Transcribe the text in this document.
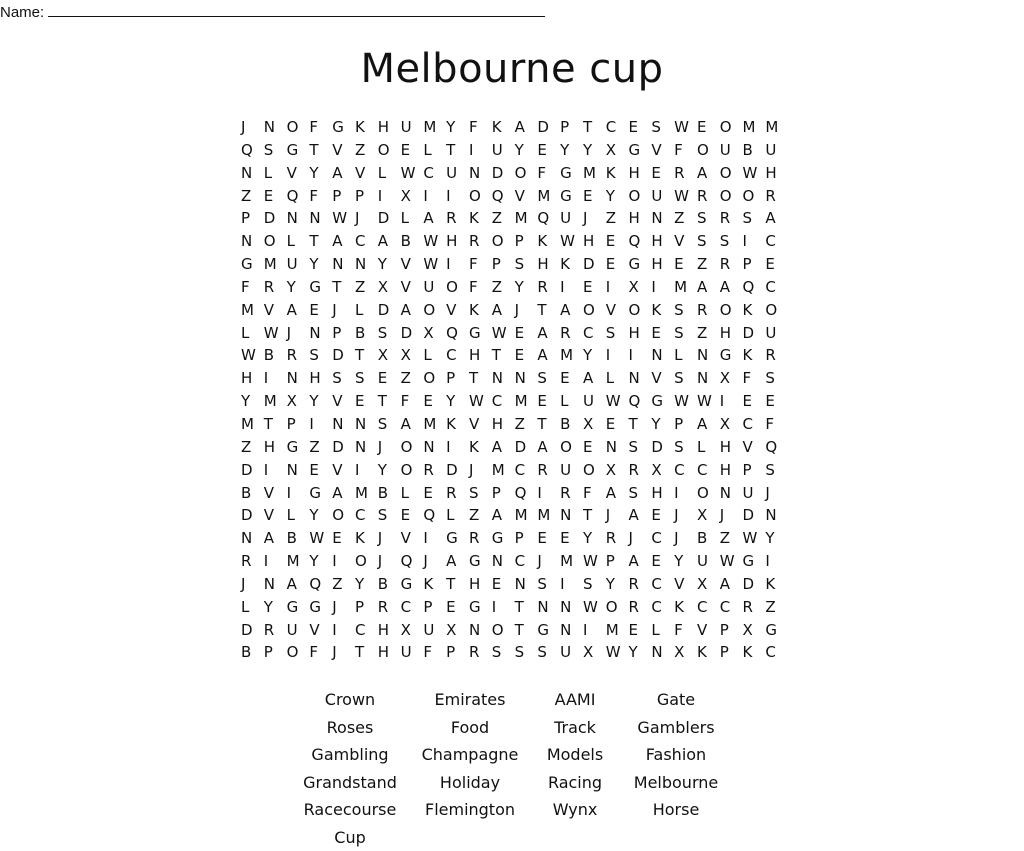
Name:
Melbourne cup
J	N O F G K H U M Y F K A D P T C E S W E O M M
Q S G T V Z O E L T I	U Y E Y Y X G V F O U B U
N L V Y A V L W C U N D O F G M K H E R A O W H
Z E Q F P P I	X I	I	O Q V M G E Y O U W R O O R
P D N N W J	D L A R K Z M Q U J	Z H N Z S R S A
N O L T A C A B W H R O P K W H E Q H V S S I	C
G M U Y N N Y V W I	F P S H K D E G H E Z R P E
F R Y G T Z X V U O F Z Y R I	E I	X I	M A A Q C
M V A E J	L D A O V K A J	T A O V O K S R O K O
L W J	N P B S D X Q G W E A R C S H E S Z H D U
W B R S D T X X L C H T E A M Y I	I	N L N G K R
H I	N H S S E Z O P T N N S E A L N V S N X F S
Y M X Y V E T F E Y W C M E L U W Q G W W I	E E
M T P I	N N S A M K V H Z T B X E T Y P A X C F
Z H G Z D N J	O N I	K A D A O E N S D S L H V Q
D I	N E V I	Y O R D J	M C R U O X R X C C H P S
B V I	G A M B L E R S P Q I	R F A S H I	O N U J
D V L Y O C S E Q L Z A M M N T J	A E J	X J	D N
N A B W E K J	V I	G R G P E E Y R J	C J	B Z W Y
R I	M Y I	O J	Q J	A G N C J	M W P A E Y U W G I
J	N A Q Z Y B G K T H E N S I	S Y R C V X A D K
L Y G G J	P R C P E G I	T N N W O R C K C C R Z
D R U V I	C H X U X N O T G N I	M E L F V P X G
B P O F J	T H U F P R S S S U X W Y N X K P K C
Crown	Emirates	AAMI	Gate
Roses	Food	Track	Gamblers
Gambling	Champagne	Models	Fashion
Grandstand	Holiday	Racing	Melbourne
Racecourse	Flemington	Wynx	Horse
Cup
